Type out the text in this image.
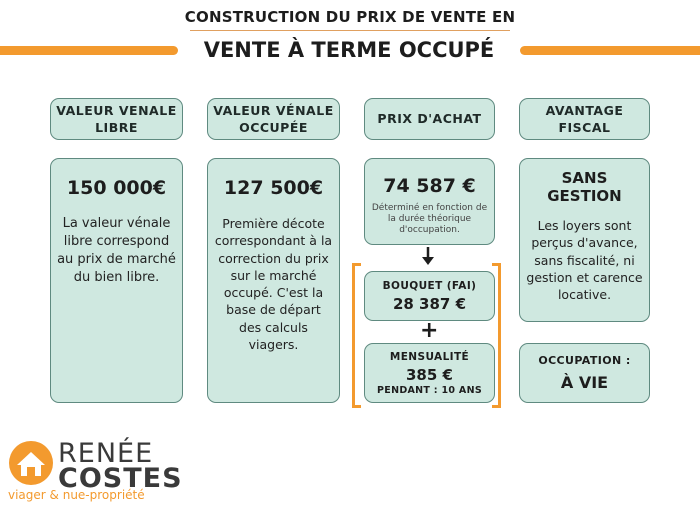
CONSTRUCTION DU PRIX DE VENTE EN
VENTE À TERME OCCUPÉ
VALEUR VENALE LIBRE
VALEUR VÉNALE OCCUPÉE
PRIX D'ACHAT
AVANTAGE FISCAL
150 000€
La valeur vénale libre correspond au prix de marché du bien libre.
127 500€
Première décote correspondant à la correction du prix sur le marché occupé. C'est la base de départ des calculs viagers.
74 587 €
Déterminé en fonction de la durée théorique d'occupation.
BOUQUET (FAI)
28 387 €
+
MENSUALITÉ
385 €
PENDANT : 10 ANS
SANS GESTION
Les loyers sont perçus d'avance, sans fiscalité, ni gestion et carence locative.
OCCUPATION :
À VIE
RENÉE
COSTES
viager & nue-propriété
